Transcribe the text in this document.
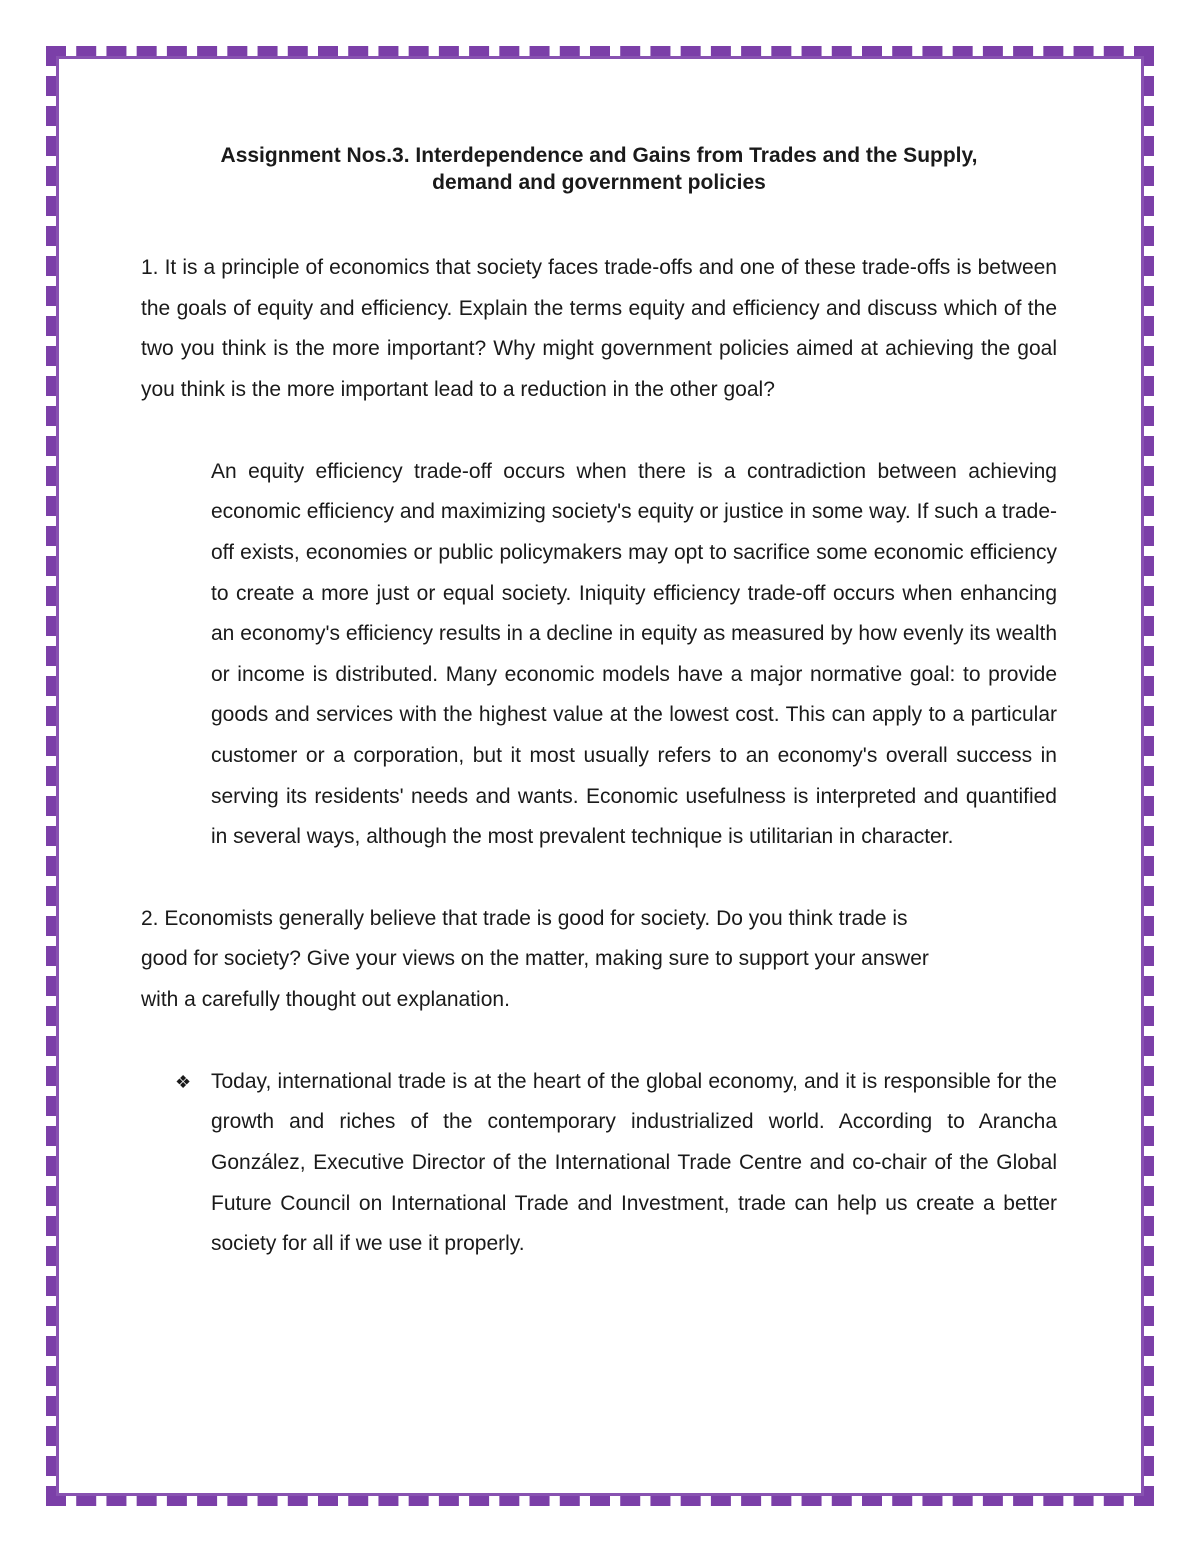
Assignment Nos.3. Interdependence and Gains from Trades and the Supply,
demand and government policies

1. It is a principle of economics that society faces trade-offs and one of these trade-offs is between the goals of equity and efficiency. Explain the terms equity and efficiency and discuss which of the two you think is the more important? Why might government policies aimed at achieving the goal you think is the more important lead to a reduction in the other goal?

An equity efficiency trade-off occurs when there is a contradiction between achieving economic efficiency and maximizing society's equity or justice in some way. If such a trade-off exists, economies or public policymakers may opt to sacrifice some economic efficiency to create a more just or equal society. Iniquity efficiency trade-off occurs when enhancing an economy's efficiency results in a decline in equity as measured by how evenly its wealth or income is distributed. Many economic models have a major normative goal: to provide goods and services with the highest value at the lowest cost. This can apply to a particular customer or a corporation, but it most usually refers to an economy's overall success in serving its residents' needs and wants. Economic usefulness is interpreted and quantified in several ways, although the most prevalent technique is utilitarian in character.

2. Economists generally believe that trade is good for society. Do you think trade is
good for society? Give your views on the matter, making sure to support your answer
with a carefully thought out explanation.

❖ Today, international trade is at the heart of the global economy, and it is responsible for the growth and riches of the contemporary industrialized world. According to Arancha González, Executive Director of the International Trade Centre and co-chair of the Global Future Council on International Trade and Investment, trade can help us create a better society for all if we use it properly.
